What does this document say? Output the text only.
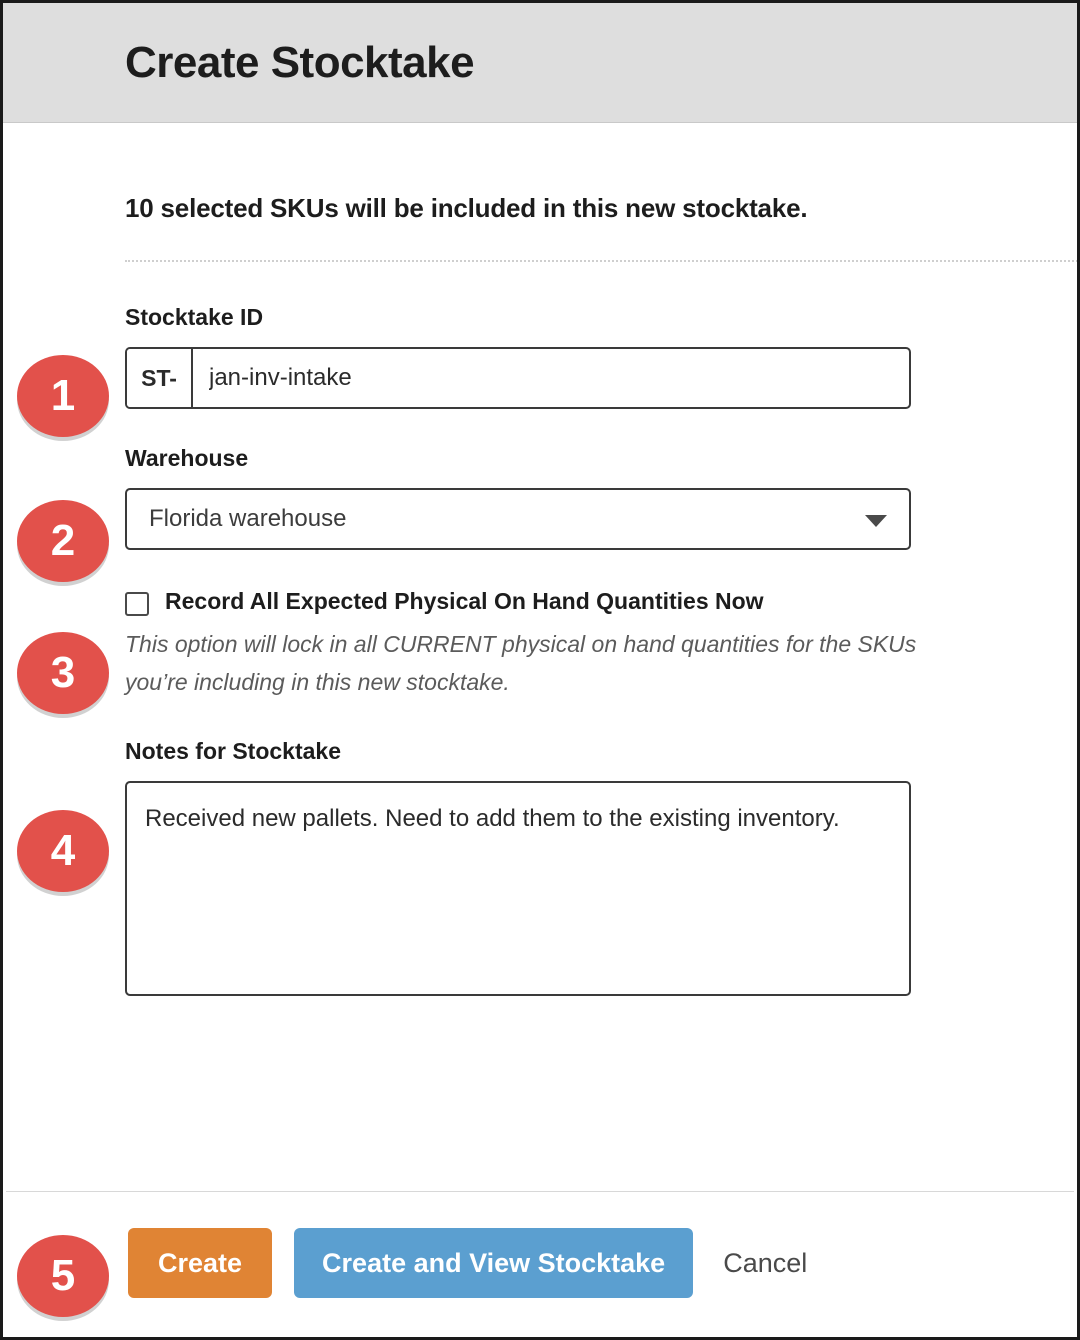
Create Stocktake
10 selected SKUs will be included in this new stocktake.
Stocktake ID
ST-
jan-inv-intake
Warehouse
Florida warehouse
Record All Expected Physical On Hand Quantities Now
This option will lock in all CURRENT physical on hand quantities for the SKUs you’re including in this new stocktake.
Notes for Stocktake
Received new pallets. Need to add them to the existing inventory.
Create	Create and View Stocktake	Cancel
1
2
3
4
5
